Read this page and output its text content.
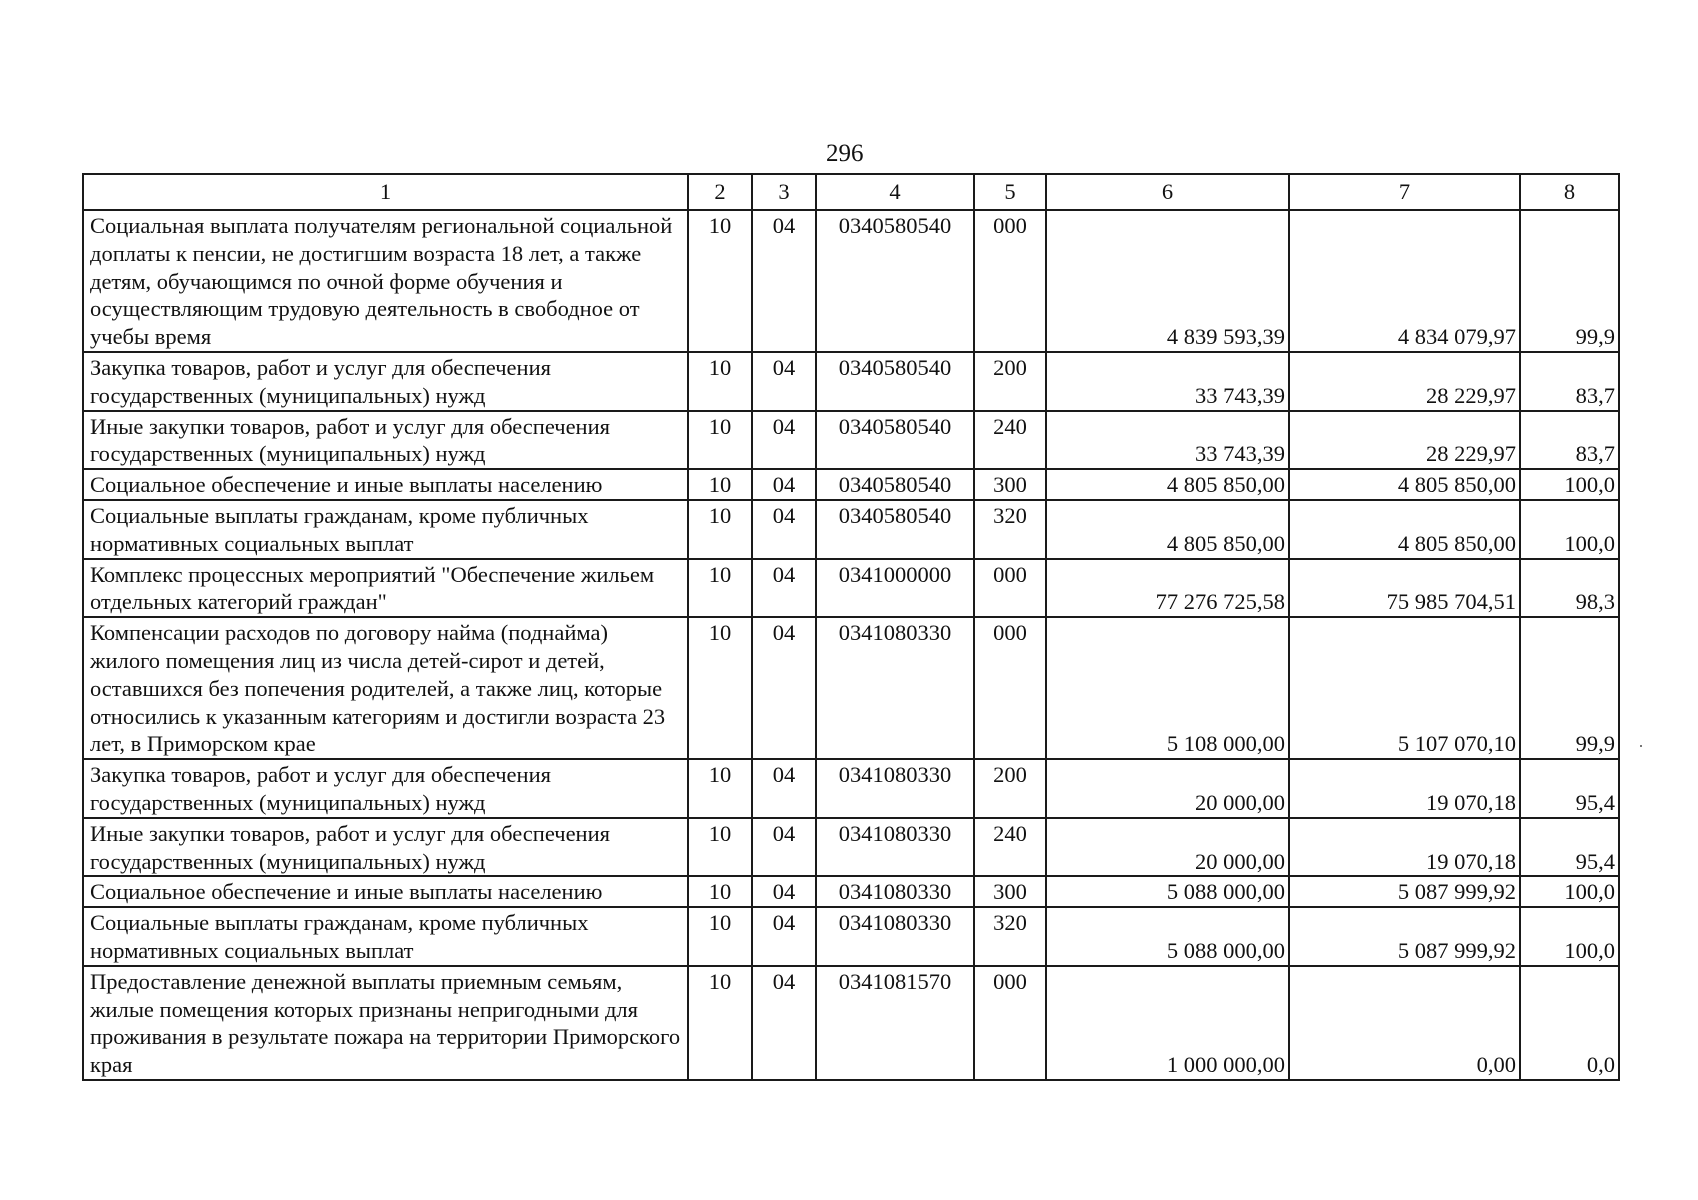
296
1	2	3	4	5	6	7	8
Социальная выплата получателям региональной социальной доплаты к пенсии, не достигшим возраста 18 лет, а также детям, обучающимся по очной форме обучения и осуществляющим трудовую деятельность в свободное от учебы время	10	04	0340580540	000	4 839 593,39	4 834 079,97	99,9
Закупка товаров, работ и услуг для обеспечения государственных (муниципальных) нужд	10	04	0340580540	200	33 743,39	28 229,97	83,7
Иные закупки товаров, работ и услуг для обеспечения государственных (муниципальных) нужд	10	04	0340580540	240	33 743,39	28 229,97	83,7
Социальное обеспечение и иные выплаты населению	10	04	0340580540	300	4 805 850,00	4 805 850,00	100,0
Социальные выплаты гражданам, кроме публичных нормативных социальных выплат	10	04	0340580540	320	4 805 850,00	4 805 850,00	100,0
Комплекс процессных мероприятий "Обеспечение жильем отдельных категорий граждан"	10	04	0341000000	000	77 276 725,58	75 985 704,51	98,3
Компенсации расходов по договору найма (поднайма) жилого помещения лиц из числа детей-сирот и детей, оставшихся без попечения родителей, а также лиц, которые относились к указанным категориям и достигли возраста 23 лет, в Приморском крае	10	04	0341080330	000	5 108 000,00	5 107 070,10	99,9
Закупка товаров, работ и услуг для обеспечения государственных (муниципальных) нужд	10	04	0341080330	200	20 000,00	19 070,18	95,4
Иные закупки товаров, работ и услуг для обеспечения государственных (муниципальных) нужд	10	04	0341080330	240	20 000,00	19 070,18	95,4
Социальное обеспечение и иные выплаты населению	10	04	0341080330	300	5 088 000,00	5 087 999,92	100,0
Социальные выплаты гражданам, кроме публичных нормативных социальных выплат	10	04	0341080330	320	5 088 000,00	5 087 999,92	100,0
Предоставление денежной выплаты приемным семьям, жилые помещения которых признаны непригодными для проживания в результате пожара на территории Приморского края	10	04	0341081570	000	1 000 000,00	0,00	0,0
